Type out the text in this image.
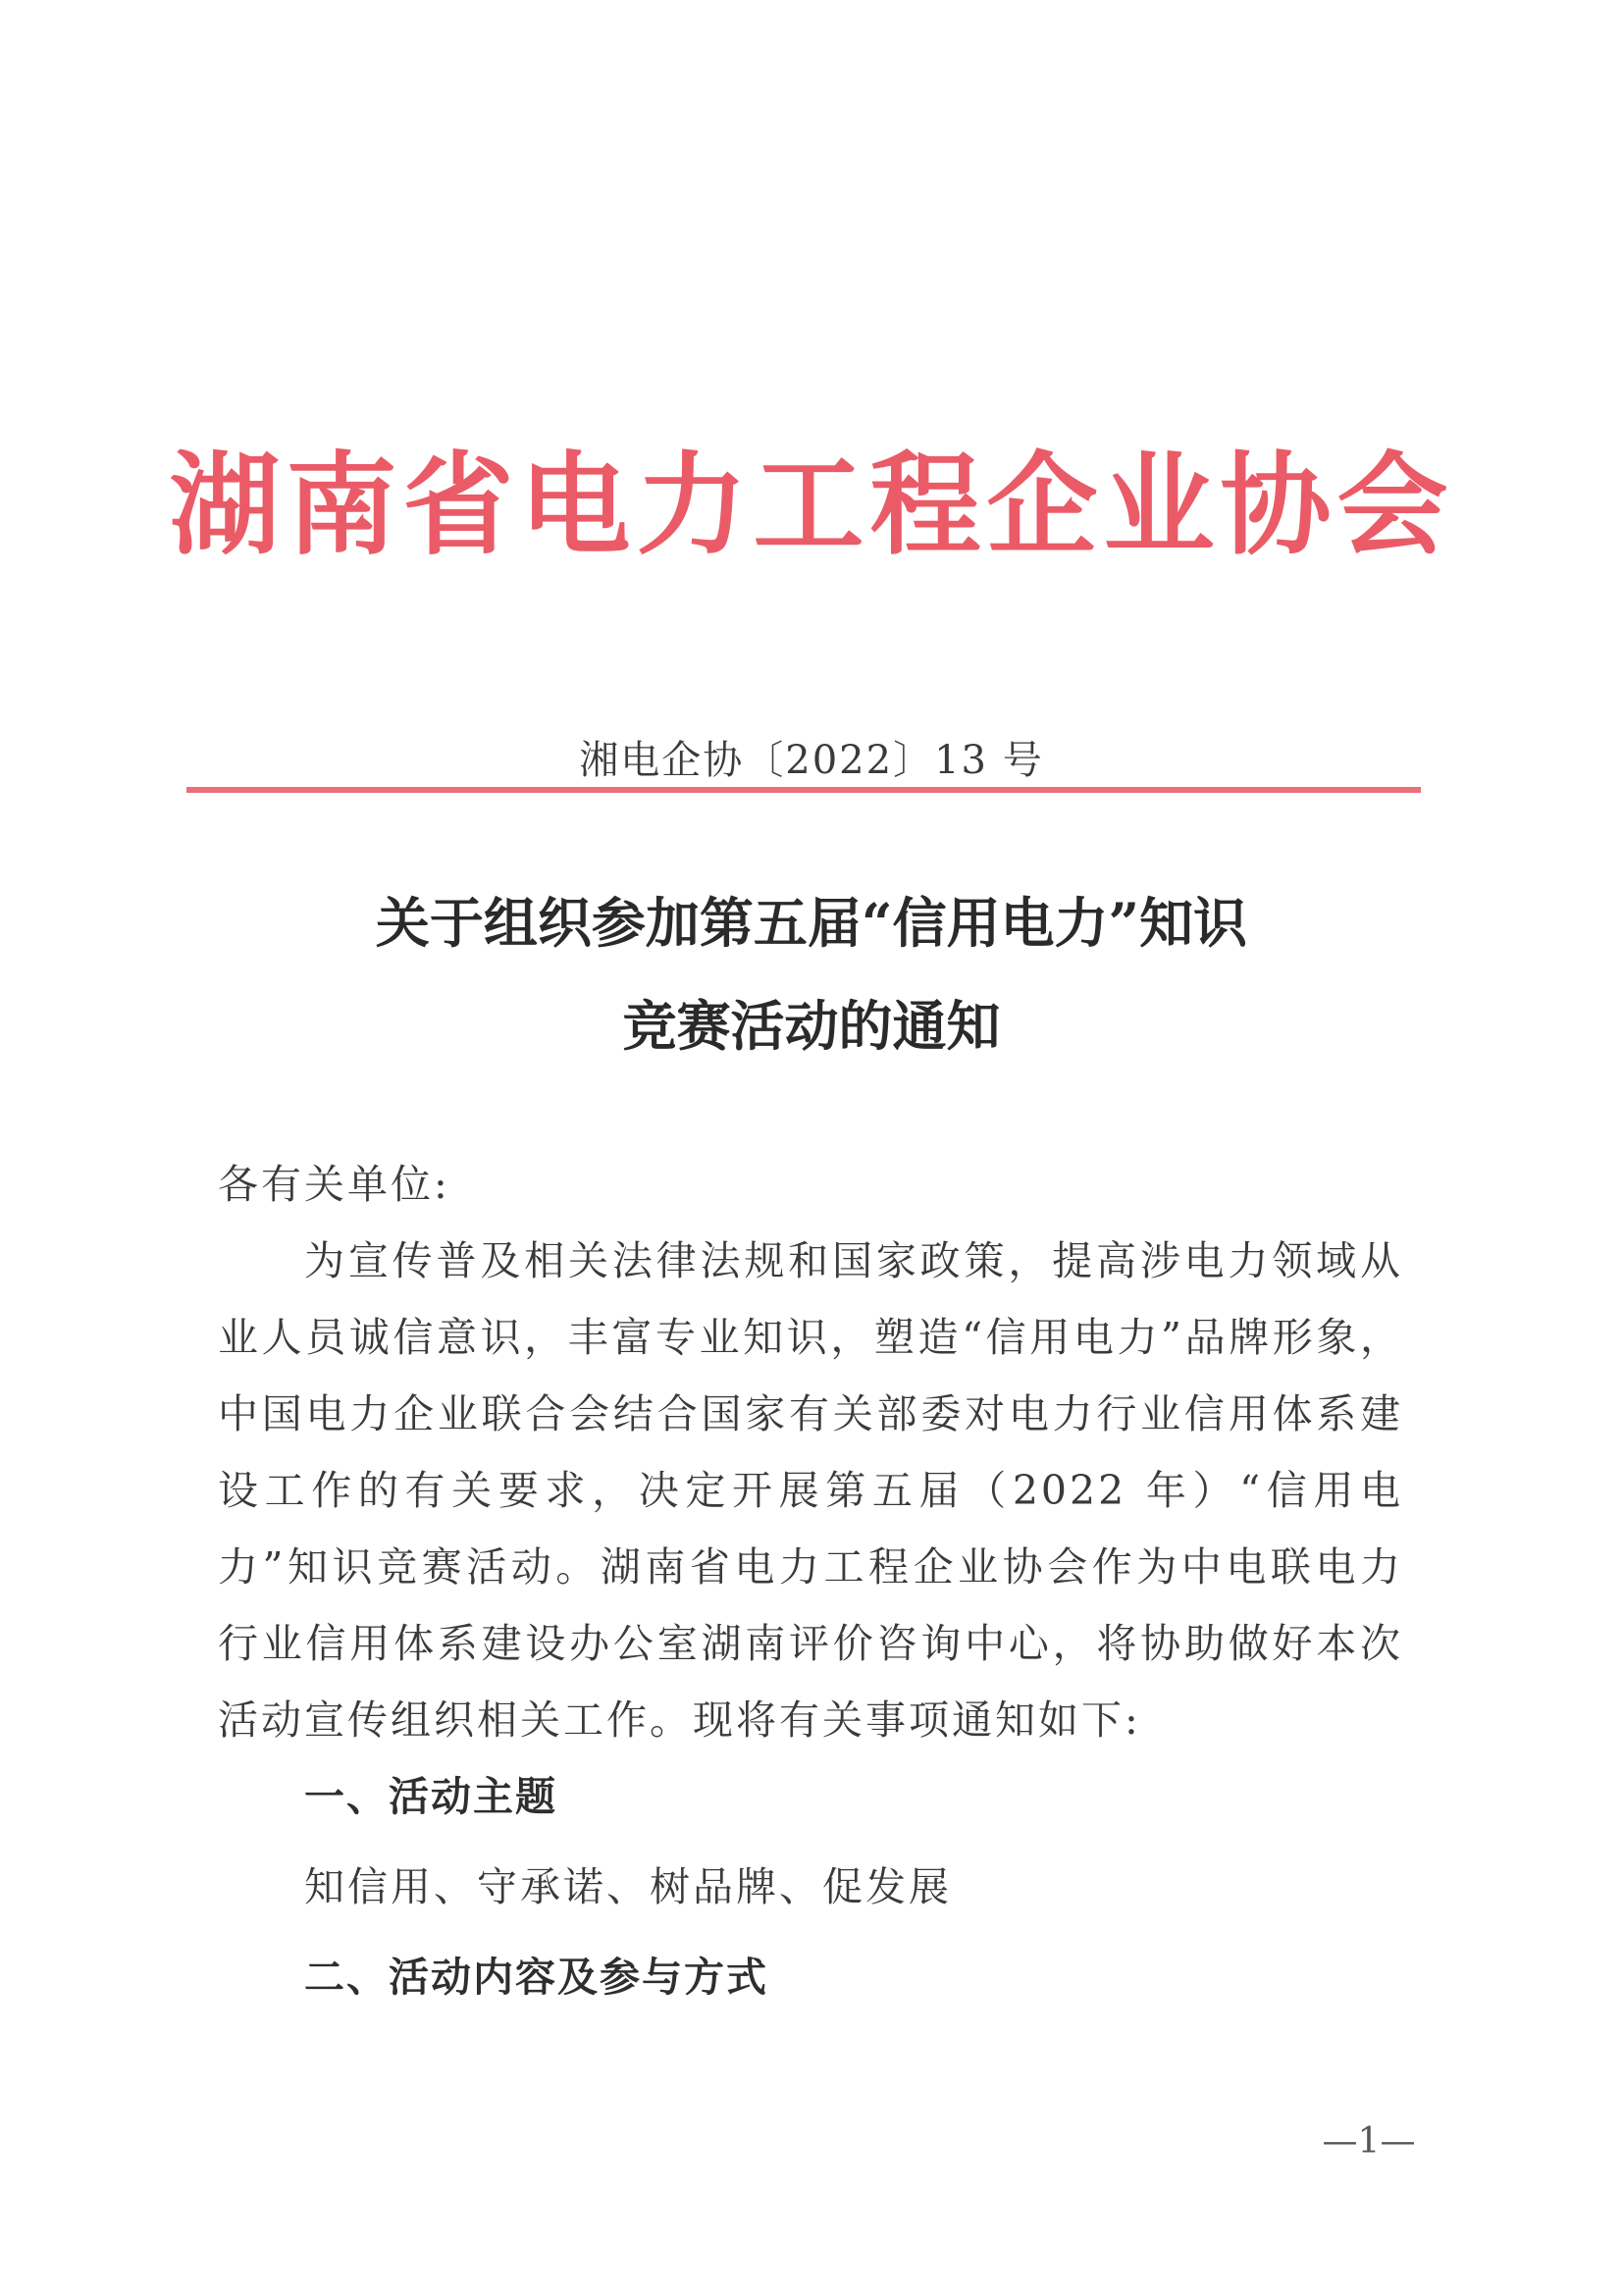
湖南省电力工程企业协会
湘电企协〔2022〕13 号
关于组织参加第五届“信用电力”知识
竞赛活动的通知

各有关单位:

为宣传普及相关法律法规和国家政策，提高涉电力领域从业人员诚信意识，丰富专业知识，塑造“信用电力”品牌形象，中国电力企业联合会结合国家有关部委对电力行业信用体系建设工作的有关要求，决定开展第五届（2022 年）“信用电力”知识竞赛活动。湖南省电力工程企业协会作为中电联电力行业信用体系建设办公室湖南评价咨询中心，将协助做好本次活动宣传组织相关工作。现将有关事项通知如下:

一、活动主题

知信用、守承诺、树品牌、促发展

二、活动内容及参与方式

—1—
